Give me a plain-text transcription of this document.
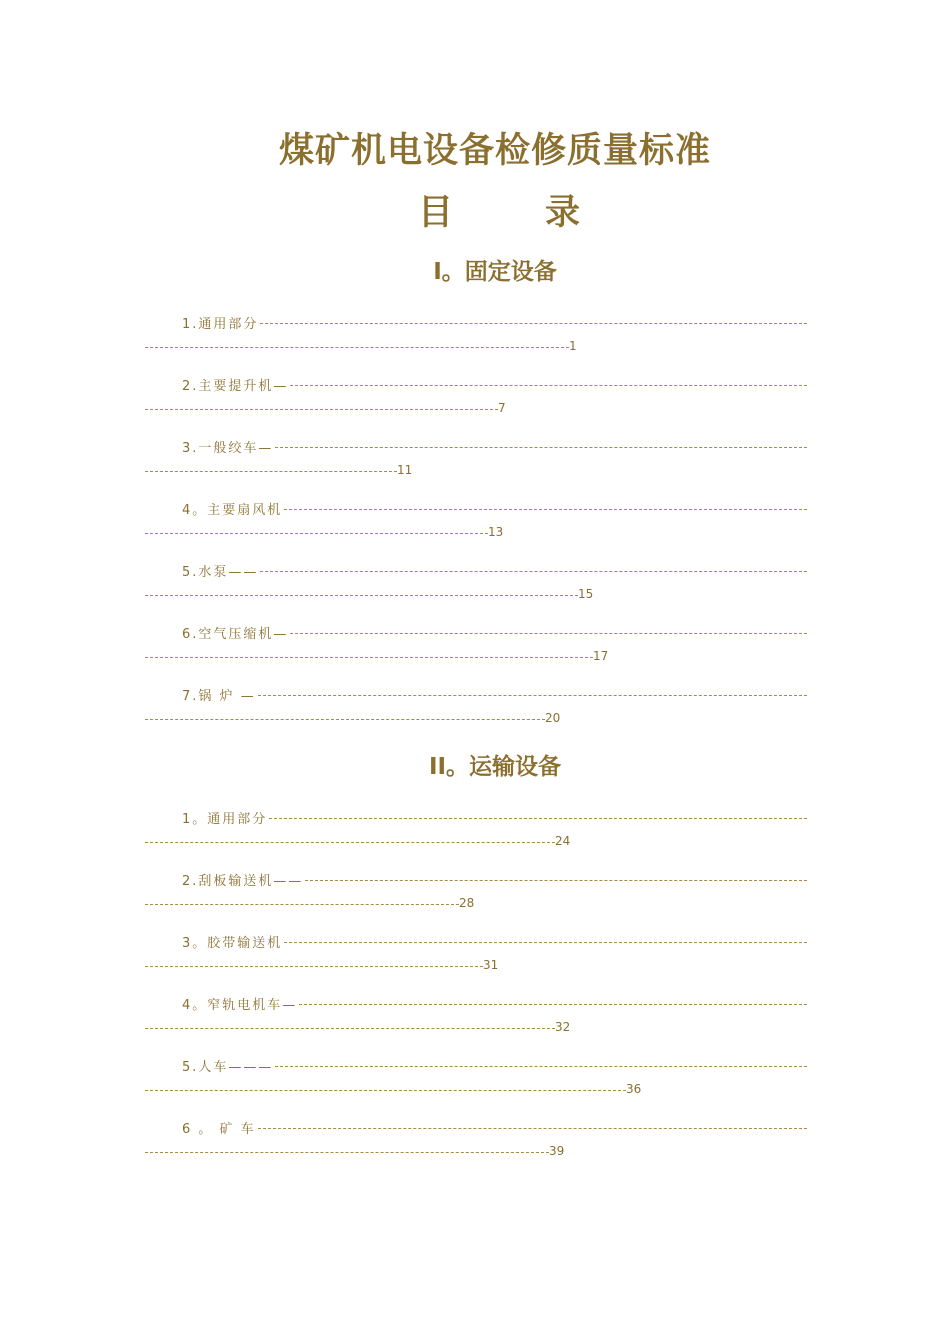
煤矿机电设备检修质量标准
目	录
I。固定设备
1.通用部分
1
2.主要提升机—
7
3.一般绞车—
11
4。主要扇风机
13
5.水泵——
15
6.空气压缩机—
17
7.锅 炉 —
20
II。运输设备
1。通用部分
24
2.刮板输送机——
28
3。胶带输送机
31
4。窄轨电机车—
32
5.人车———
36
6 。 矿 车
39
